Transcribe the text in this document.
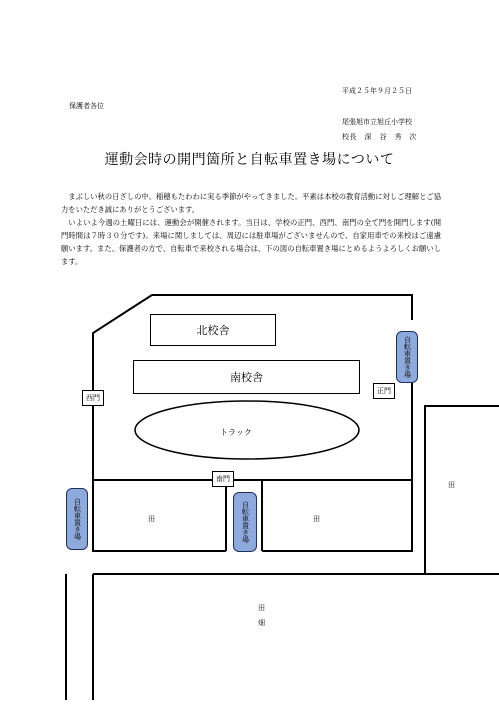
平成２５年９月２５日
保護者各位
尾張旭市立旭丘小学校
校長　深　谷　秀　次
運動会時の開門箇所と自転車置き場について

まぶしい秋の日ざしの中、稲穂もたわわに実る季節がやってきました。平素は本校の教育活動に対しご理解とご協力をいただき誠にありがとうございます。

いよいよ今週の土曜日には、運動会が開催されます。当日は、学校の正門、西門、南門の全て門を開門します(開門時間は７時３０分です)。来場に関しましては、周辺には駐車場がございませんので、自家用車での来校はご遠慮願います。また、保護者の方で、自転車で来校される場合は、下の図の自転車置き場にとめるようよろしくお願いします。

北校舎
南校舎
トラック
西門
正門
南門
自転車置き場
自転車置き場	自転車置き場
田	田
田
田
畑
